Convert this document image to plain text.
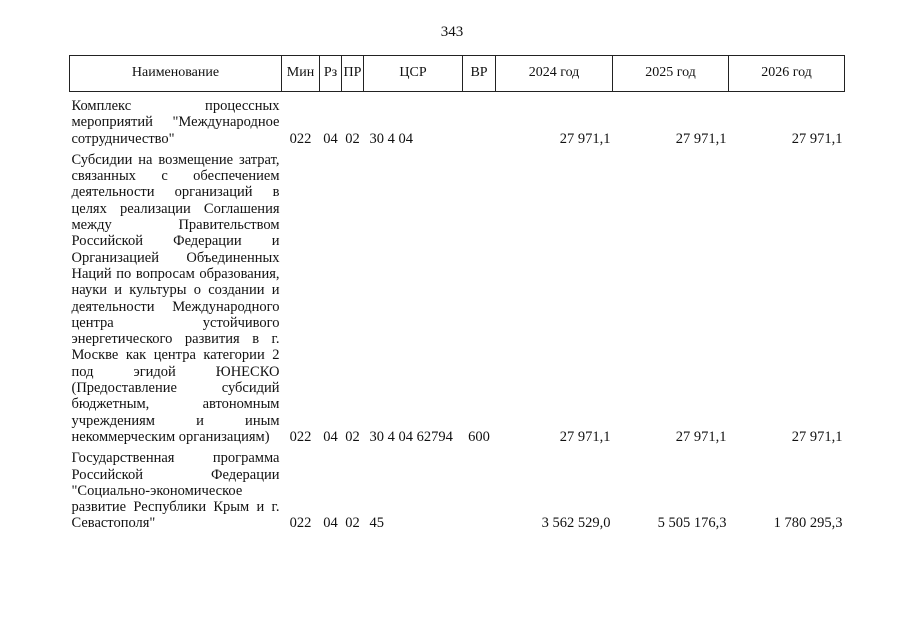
343
Наименование	Мин	Рз	ПР	ЦСР	ВР	2024 год	2025 год	2026 год

Комплекс процессных мероприятий "Международное сотрудничество"	022	04	02	30 4 04		27 971,1	27 971,1	27 971,1

Субсидии на возмещение затрат, связанных с обеспечением деятельности организаций в целях реализации Соглашения между Правительством Российской Федерации и Организацией Объединенных Наций по вопросам образования, науки и культуры о создании и деятельности Международного центра устойчивого энергетического развития в г. Москве как центра категории 2 под эгидой ЮНЕСКО (Предоставление субсидий бюджетным, автономным учреждениям и иным некоммерческим организациям)	022	04	02	30 4 04 62794	600	27 971,1	27 971,1	27 971,1

Государственная программа Российской Федерации "Социально-экономическое развитие Республики Крым и г. Севастополя"	022	04	02	45		3 562 529,0	5 505 176,3	1 780 295,3
